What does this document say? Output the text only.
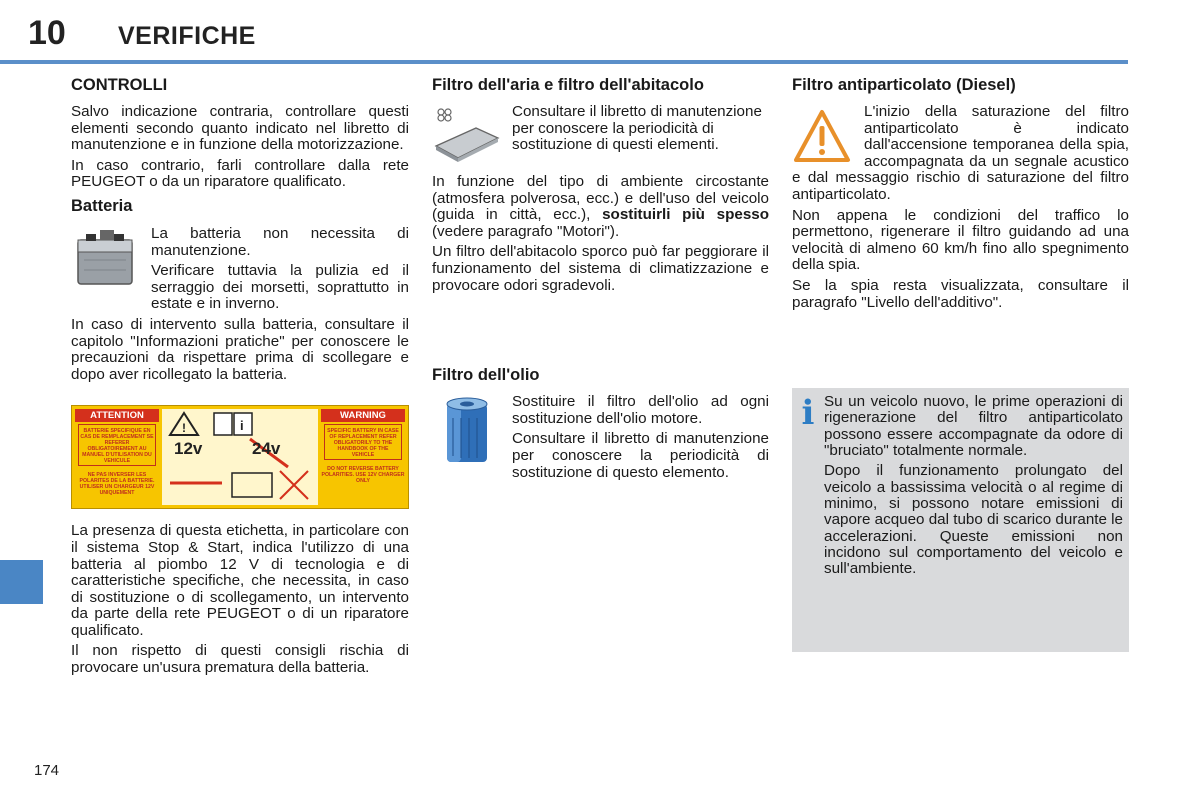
10 VERIFICHE
174
CONTROLLI

Salvo indicazione contraria, controllare questi elementi secondo quanto indicato nel libretto di manutenzione e in funzione della motorizzazione.

In caso contrario, farli controllare dalla rete PEUGEOT o da un riparatore qualificato.

Batteria

La batteria non necessita di manutenzione.

Verificare tuttavia la pulizia ed il serraggio dei morsetti, soprattutto in estate e in inverno.

In caso di intervento sulla batteria, consultare il capitolo "Informazioni pratiche" per conoscere le precauzioni da rispettare prima di scollegare e dopo aver ricollegato la batteria.

ATTENTION
BATTERIE SPECIFIQUE EN CAS DE REMPLACEMENT SE REFERER OBLIGATOIREMENT AU MANUEL D'UTILISATION DU VEHICULE
NE PAS INVERSER LES POLARITES DE LA BATTERIE. UTILISER UN CHARGEUR 12V UNIQUEMENT
!	i
12v	24v
WARNING
SPECIFIC BATTERY IN CASE OF REPLACEMENT REFER OBLIGATORILY TO THE HANDBOOK OF THE VEHICLE
DO NOT REVERSE BATTERY POLARITIES. USE 12V CHARGER ONLY

La presenza di questa etichetta, in particolare con il sistema Stop & Start, indica l'utilizzo di una batteria al piombo 12 V di tecnologia e di caratteristiche specifiche, che necessita, in caso di sostituzione o di scollegamento, un intervento da parte della rete PEUGEOT o di un riparatore qualificato.

Il non rispetto di questi consigli rischia di provocare un'usura prematura della batteria.

Filtro dell'aria e filtro dell'abitacolo

Consultare il libretto di manutenzione per conoscere la periodicità di sostituzione di questi elementi.

In funzione del tipo di ambiente circostante (atmosfera polverosa, ecc.) e dell'uso del veicolo (guida in città, ecc.), sostituirli più spesso (vedere paragrafo "Motori").

Un filtro dell'abitacolo sporco può far peggiorare il funzionamento del sistema di climatizzazione e provocare odori sgradevoli.

Filtro dell'olio

Sostituire il filtro dell'olio ad ogni sostituzione dell'olio motore.

Consultare il libretto di manutenzione per conoscere la periodicità di sostituzione di questo elemento.

Filtro antiparticolato (Diesel)

L'inizio della saturazione del filtro antiparticolato è indicato dall'accensione temporanea della spia, accompagnata da un segnale acustico e dal messaggio rischio di saturazione del filtro antiparticolato.

Non appena le condizioni del traffico lo permettono, rigenerare il filtro guidando ad una velocità di almeno 60 km/h fino allo spegnimento della spia.

Se la spia resta visualizzata, consultare il paragrafo "Livello dell'additivo".

i Su un veicolo nuovo, le prime operazioni di rigenerazione del filtro antiparticolato possono essere accompagnate da odore di "bruciato" totalmente normale.

Dopo il funzionamento prolungato del veicolo a bassissima velocità o al regime di minimo, si possono notare emissioni di vapore acqueo dal tubo di scarico durante le accelerazioni. Queste emissioni non incidono sul comportamento del veicolo e sull'ambiente.
